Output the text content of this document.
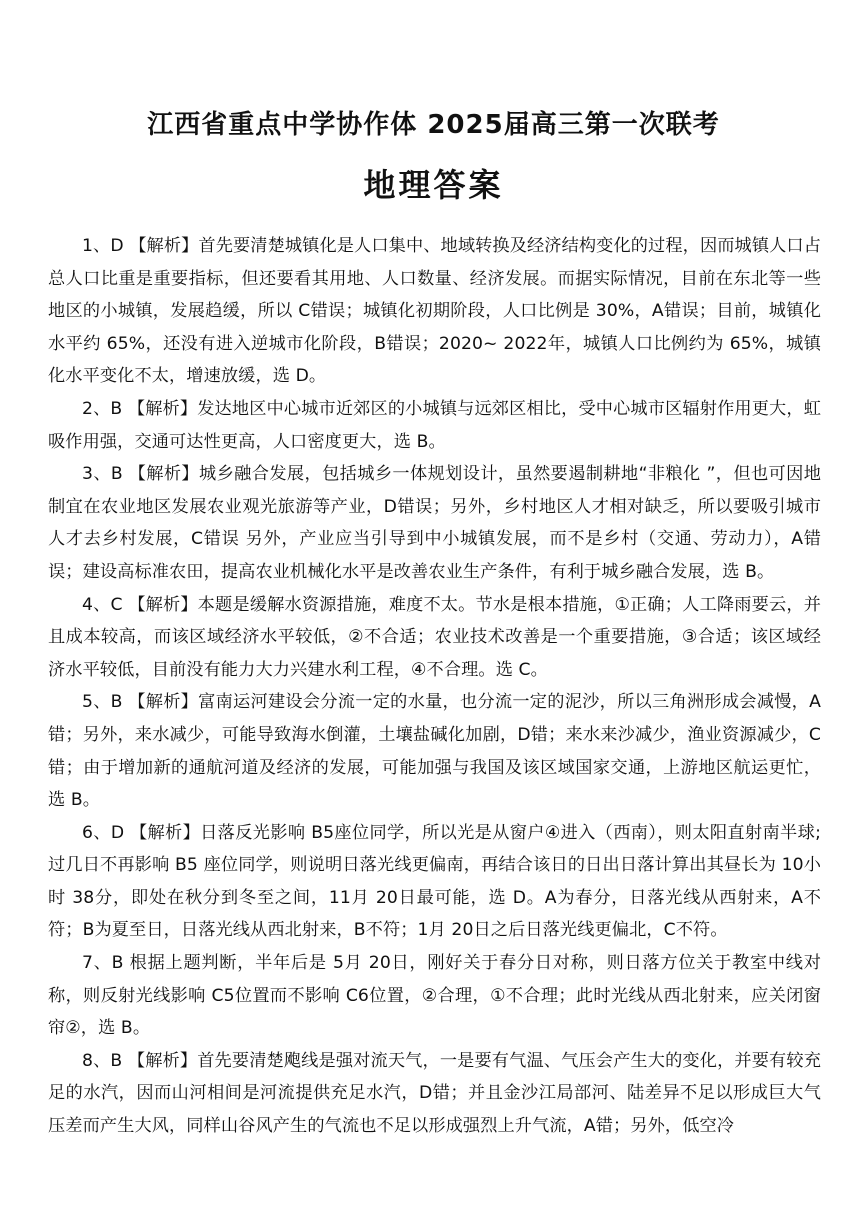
江西省重点中学协作体 2025届高三第一次联考
地理答案

1、D 【解析】首先要清楚城镇化是人口集中、地域转换及经济结构变化的过程，因而城镇人口占总人口比重是重要指标，但还要看其用地、人口数量、经济发展。而据实际情况，目前在东北等一些地区的小城镇，发展趋缓，所以 C错误；城镇化初期阶段，人口比例是 30%，A错误；目前，城镇化水平约 65%，还没有进入逆城市化阶段，B错误；2020~ 2022年，城镇人口比例约为 65%，城镇化水平变化不太，增速放缓，选 D。

2、B 【解析】发达地区中心城市近郊区的小城镇与远郊区相比，受中心城市区辐射作用更大，虹吸作用强，交通可达性更高，人口密度更大，选 B。

3、B 【解析】城乡融合发展，包括城乡一体规划设计，虽然要遏制耕地“非粮化 ”，但也可因地制宜在农业地区发展农业观光旅游等产业，D错误；另外，乡村地区人才相对缺乏，所以要吸引城市人才去乡村发展，C错误 另外，产业应当引导到中小城镇发展，而不是乡村（交通、劳动力），A错误；建设高标准农田，提高农业机械化水平是改善农业生产条件，有利于城乡融合发展，选 B。

4、C 【解析】本题是缓解水资源措施，难度不太。节水是根本措施，①正确；人工降雨要云，并且成本较高，而该区域经济水平较低，②不合适；农业技术改善是一个重要措施，③合适；该区域经济水平较低，目前没有能力大力兴建水利工程，④不合理。选 C。

5、B 【解析】富南运河建设会分流一定的水量，也分流一定的泥沙，所以三角洲形成会减慢，A错；另外，来水减少，可能导致海水倒灌，土壤盐碱化加剧，D错；来水来沙减少，渔业资源减少，C错；由于增加新的通航河道及经济的发展，可能加强与我国及该区域国家交通，上游地区航运更忙，选 B。

6、D 【解析】日落反光影响 B5座位同学，所以光是从窗户④进入（西南），则太阳直射南半球; 过几日不再影响 B5 座位同学，则说明日落光线更偏南，再结合该日的日出日落计算出其昼长为 10小时 38分，即处在秋分到冬至之间，11月 20日最可能，选 D。A为春分，日落光线从西射来，A不符；B为夏至日，日落光线从西北射来，B不符；1月 20日之后日落光线更偏北，C不符。

7、B 根据上题判断，半年后是 5月 20日，刚好关于春分日对称，则日落方位关于教室中线对称，则反射光线影响 C5位置而不影响 C6位置，②合理，①不合理；此时光线从西北射来，应关闭窗帘②，选 B。

8、B 【解析】首先要清楚飑线是强对流天气，一是要有气温、气压会产生大的变化，并要有较充足的水汽，因而山河相间是河流提供充足水汽，D错；并且金沙江局部河、陆差异不足以形成巨大气压差而产生大风，同样山谷风产生的气流也不足以形成强烈上升气流，A错；另外，低空冷
